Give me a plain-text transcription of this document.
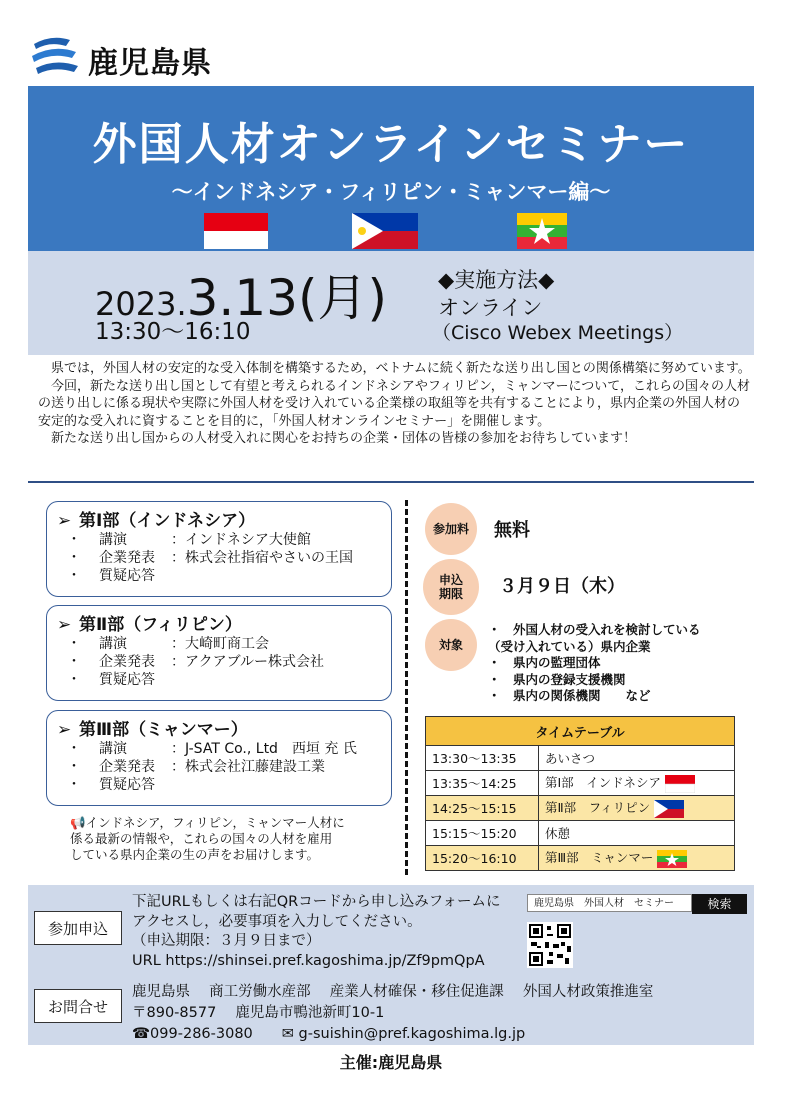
鹿児島県
外国人材オンラインセミナー
～インドネシア・フィリピン・ミャンマー編～
2023.3.13(月)
13:30～16:10
◆実施方法◆
オンライン
（Cisco Webex Meetings）

県では，外国人材の安定的な受入体制を構築するため，ベトナムに続く新たな送り出し国との関係構築に努めています。

今回，新たな送り出し国として有望と考えられるインドネシアやフィリピン，ミャンマーについて，これらの国々の人材の送り出しに係る現状や実際に外国人材を受け入れている企業様の取組等を共有することにより，県内企業の外国人材の安定的な受入れに資することを目的に，「外国人材オンラインセミナー」を開催します。

新たな送り出し国からの人材受入れに関心をお持ちの企業・団体の皆様の参加をお待ちしています！

➢ 第Ⅰ部（インドネシア）
・ 講演	：インドネシア大使館
・ 企業発表 ：株式会社指宿やさいの王国
・ 質疑応答
➢ 第Ⅱ部（フィリピン）
・ 講演	：大崎町商工会
・ 企業発表 ：アクアブルー株式会社
・ 質疑応答
➢ 第Ⅲ部（ミャンマー）
・ 講演	：J-SAT Co., Ltd　西垣 充 氏
・ 企業発表 ：株式会社江藤建設工業
・ 質疑応答
📢インドネシア，フィリピン，ミャンマー人材に
係る最新の情報や，これらの国々の人材を雇用
している県内企業の生の声をお届けします。
参加料	無料
申込期限	３月９日（木）
対象
・　外国人材の受入れを検討している
（受け入れている）県内企業
・　県内の監理団体
・　県内の登録支援機関
・　県内の関係機関　　など
タイムテーブル	
13:30～13:35	あいさつ
13:35～14:25	第Ⅰ部　インドネシア
14:25～15:15	第Ⅱ部　フィリピン
15:15～15:20	休憩
15:20～16:10	第Ⅲ部　ミャンマー
参加申込
下記URLもしくは右記QRコードから申し込みフォームに
アクセスし，必要事項を入力してください。
（申込期限：３月９日まで）
URL https://shinsei.pref.kagoshima.jp/Zf9pmQpA
鹿児島県　外国人材　セミナー	検索
お問合せ
鹿児島県　 商工労働水産部　 産業人材確保・移住促進課　 外国人材政策推進室
〒890-8577　 鹿児島市鴨池新町10-1
☎099-286-3080　　 ✉ g-suishin@pref.kagoshima.lg.jp
主催:鹿児島県
